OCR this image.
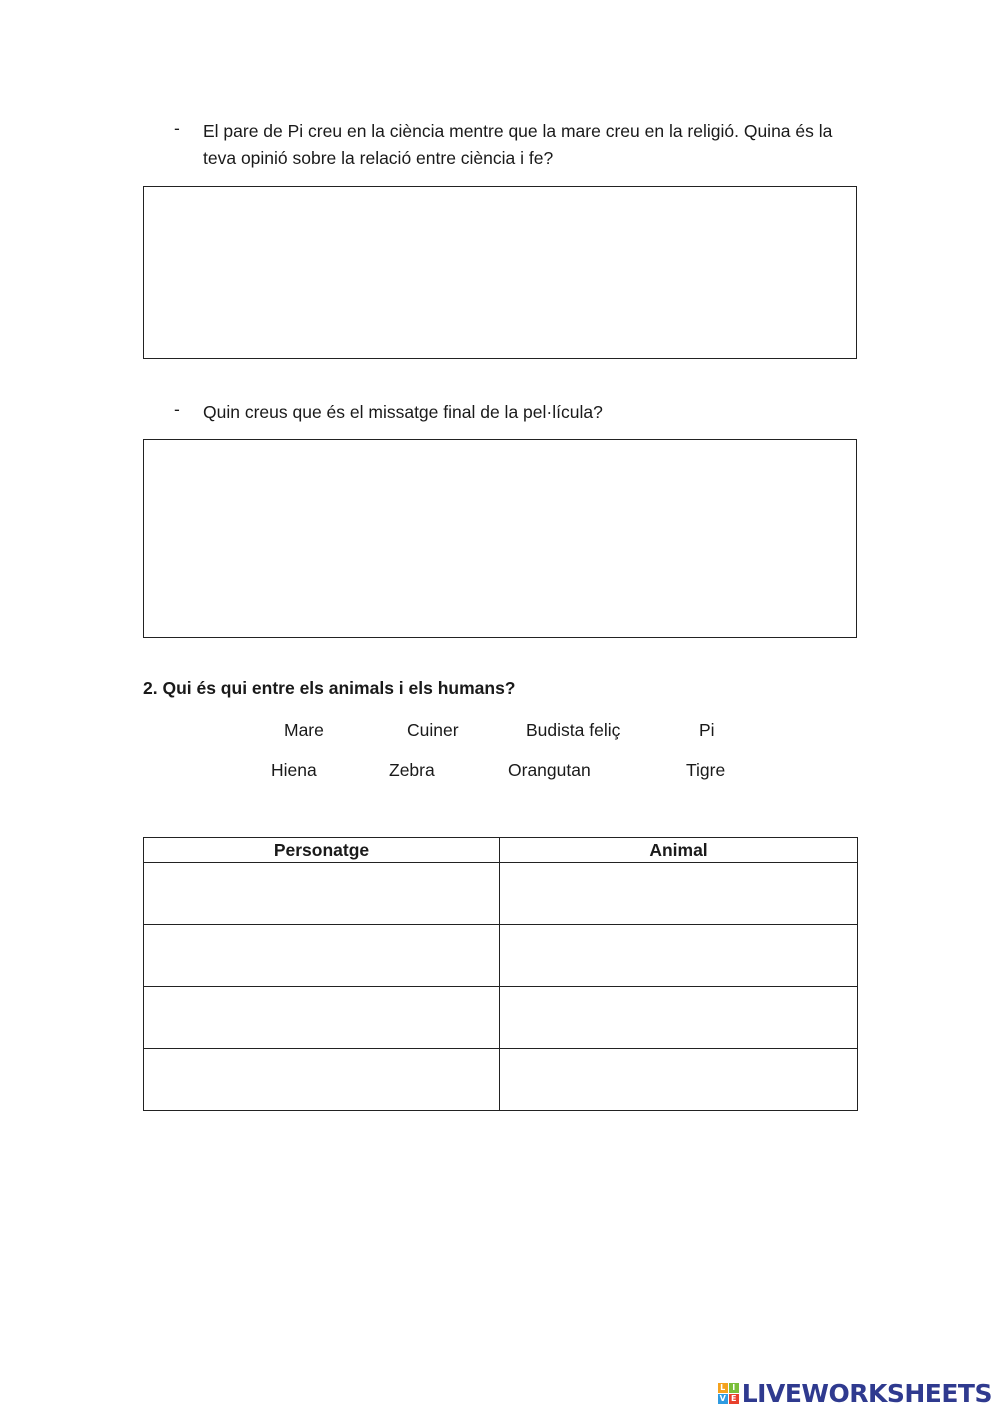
-	El pare de Pi creu en la ciència mentre que la mare creu en la religió. Quina és la teva opinió sobre la relació entre ciència i fe?
-	Quin creus que és el missatge final de la pel·lícula?
2. Qui és qui entre els animals i els humans?
Mare	Cuiner	Budista feliç	Pi
Hiena	Zebra	Orangutan	Tigre
Personatge	Animal

L I
V E LIVEWORKSHEETS
